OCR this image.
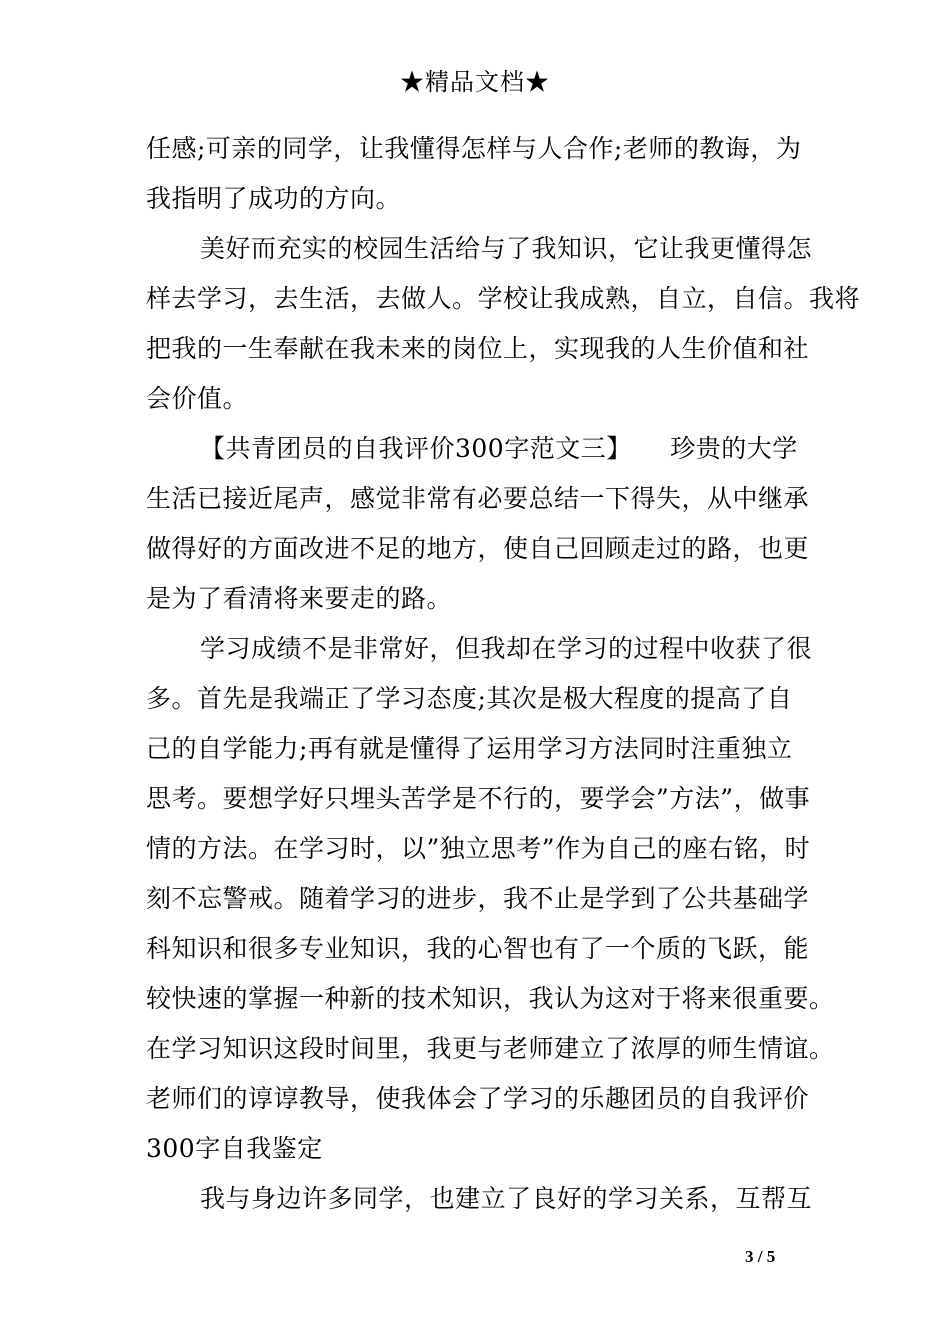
★精品文档★
任感;可亲的同学，让我懂得怎样与人合作;老师的教诲，为
我指明了成功的方向。
美好而充实的校园生活给与了我知识，它让我更懂得怎
样去学习，去生活，去做人。学校让我成熟，自立，自信。我将
把我的一生奉献在我未来的岗位上，实现我的人生价值和社
会价值。
【共青团员的自我评价300字范文三】　　珍贵的大学
生活已接近尾声，感觉非常有必要总结一下得失，从中继承
做得好的方面改进不足的地方，使自己回顾走过的路，也更
是为了看清将来要走的路。
学习成绩不是非常好，但我却在学习的过程中收获了很
多。首先是我端正了学习态度;其次是极大程度的提高了自
己的自学能力;再有就是懂得了运用学习方法同时注重独立
思考。要想学好只埋头苦学是不行的，要学会”方法”，做事
情的方法。在学习时，以”独立思考”作为自己的座右铭，时
刻不忘警戒。随着学习的进步，我不止是学到了公共基础学
科知识和很多专业知识，我的心智也有了一个质的飞跃，能
较快速的掌握一种新的技术知识，我认为这对于将来很重要。
在学习知识这段时间里，我更与老师建立了浓厚的师生情谊。
老师们的谆谆教导，使我体会了学习的乐趣团员的自我评价
300字自我鉴定
我与身边许多同学，也建立了良好的学习关系，互帮互
3 / 5
